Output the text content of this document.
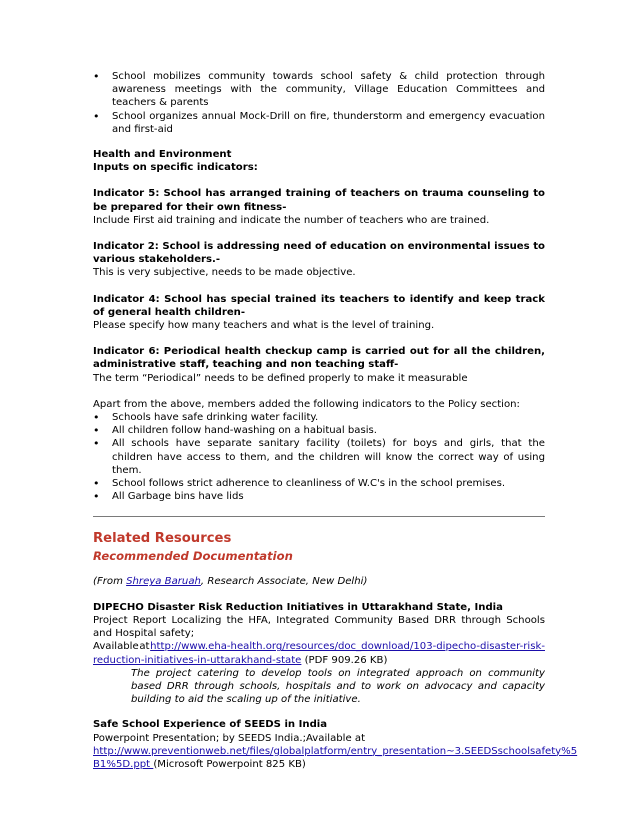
• School mobilizes community towards school safety & child protection through awareness meetings with the community, Village Education Committees and teachers & parents
• School organizes annual Mock-Drill on fire, thunderstorm and emergency evacuation and first-aid
Health and Environment
Inputs on specific indicators:
Indicator 5: School has arranged training of teachers on trauma counseling to be prepared for their own fitness-
Include First aid training and indicate the number of teachers who are trained.
Indicator 2: School is addressing need of education on environmental issues to various stakeholders.-
This is very subjective, needs to be made objective.
Indicator 4: School has special trained its teachers to identify and keep track of general health children-
Please specify how many teachers and what is the level of training.
Indicator 6: Periodical health checkup camp is carried out for all the children, administrative staff, teaching and non teaching staff-
The term “Periodical” needs to be defined properly to make it measurable
Apart from the above, members added the following indicators to the Policy section:
• Schools have safe drinking water facility.
• All children follow hand-washing on a habitual basis.
• All schools have separate sanitary facility (toilets) for boys and girls, that the children have access to them, and the children will know the correct way of using them.
• School follows strict adherence to cleanliness of W.C's in the school premises.
• All Garbage bins have lids
Related Resources
Recommended Documentation
(From Shreya Baruah, Research Associate, New Delhi)
DIPECHO Disaster Risk Reduction Initiatives in Uttarakhand State, India
Project Report Localizing the HFA, Integrated Community Based DRR through Schools and Hospital safety;
Available at http://www.eha-health.org/resources/doc_download/103-dipecho-disaster-risk-
reduction-initiatives-in-uttarakhand-state (PDF 909.26 KB)
The project catering to develop tools on integrated approach on community based DRR through schools, hospitals and to work on advocacy and capacity building to aid the scaling up of the initiative.
Safe School Experience of SEEDS in India
Powerpoint Presentation; by SEEDS India.;Available at
http://www.preventionweb.net/files/globalplatform/entry_presentation~3.SEEDSschoolsafety%5
B1%5D.ppt (Microsoft Powerpoint 825 KB)
